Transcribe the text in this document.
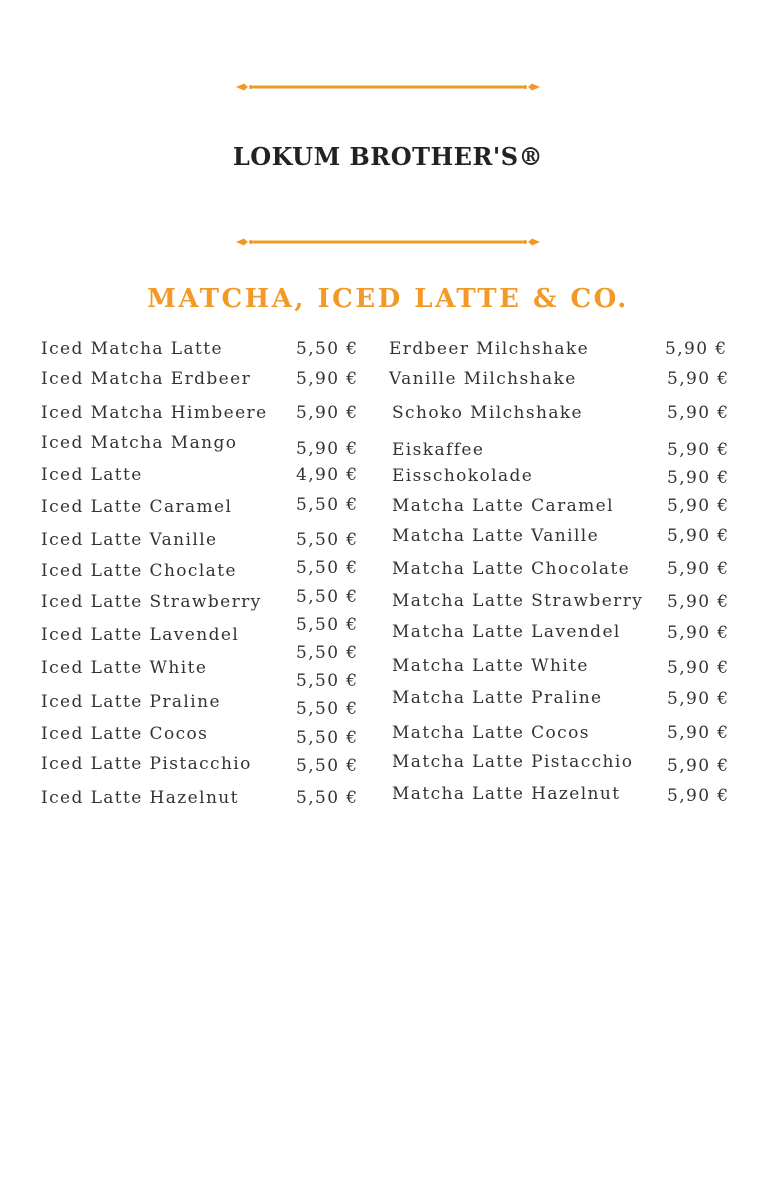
LOKUM BROTHER'S®
MATCHA, ICED LATTE & CO.
Iced Matcha Latte
Iced Matcha Erdbeer
Iced Matcha Himbeere
Iced Matcha Mango
Iced Latte
Iced Latte Caramel
Iced Latte Vanille
Iced Latte Choclate
Iced Latte Strawberry
Iced Latte Lavendel
Iced Latte White
Iced Latte Praline
Iced Latte Cocos
Iced Latte Pistacchio
Iced Latte Hazelnut
5,50 €
5,90 €
5,90 €
5,90 €
4,90 €
5,50 €
5,50 €
5,50 €
5,50 €
5,50 €
5,50 €
5,50 €
5,50 €
5,50 €
5,50 €
5,50 €
Erdbeer Milchshake
Vanille Milchshake
Schoko Milchshake
Eiskaffee
Eisschokolade
Matcha Latte Caramel
Matcha Latte Vanille
Matcha Latte Chocolate
Matcha Latte Strawberry
Matcha Latte Lavendel
Matcha Latte White
Matcha Latte Praline
Matcha Latte Cocos
Matcha Latte Pistacchio
Matcha Latte Hazelnut
5,90 €
5,90 €
5,90 €
5,90 €
5,90 €
5,90 €
5,90 €
5,90 €
5,90 €
5,90 €
5,90 €
5,90 €
5,90 €
5,90 €
5,90 €
